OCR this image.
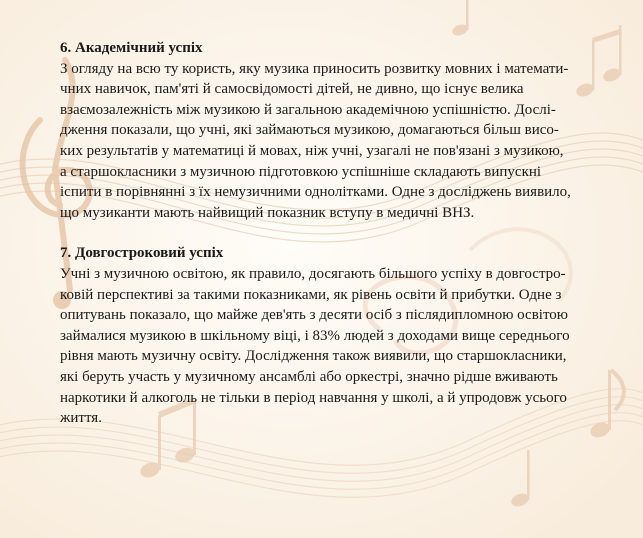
6. Академічний успіх

З огляду на всю ту користь, яку музика приносить розвитку мовних і математи-

чних навичок, пам'яті й самосвідомості дітей, не дивно, що існує велика

взаємозалежність між музикою й загальною академічною успішністю. Дослі-

дження показали, що учні, які займаються музикою, домагаються більш висо-

ких результатів у математиці й мовах, ніж учні, узагалі не пов'язані з музикою,

а старшокласники з музичною підготовкою успішніше складають випускні

іспити в порівнянні з їх немузичними однолітками. Одне з досліджень виявило,

що музиканти мають найвищий показник вступу в медичні ВНЗ.

7. Довгостроковий успіх

Учні з музичною освітою, як правило, досягають більшого успіху в довгостро-

ковій перспективі за такими показниками, як рівень освіти й прибутки. Одне з

опитувань показало, що майже дев'ять з десяти осіб з післядипломною освітою

займалися музикою в шкільному віці, і 83% людей з доходами вище середнього

рівня мають музичну освіту. Дослідження також виявили, що старшокласники,

які беруть участь у музичному ансамблі або оркестрі, значно рідше вживають

наркотики й алкоголь не тільки в період навчання у школі, а й упродовж усього

життя.
